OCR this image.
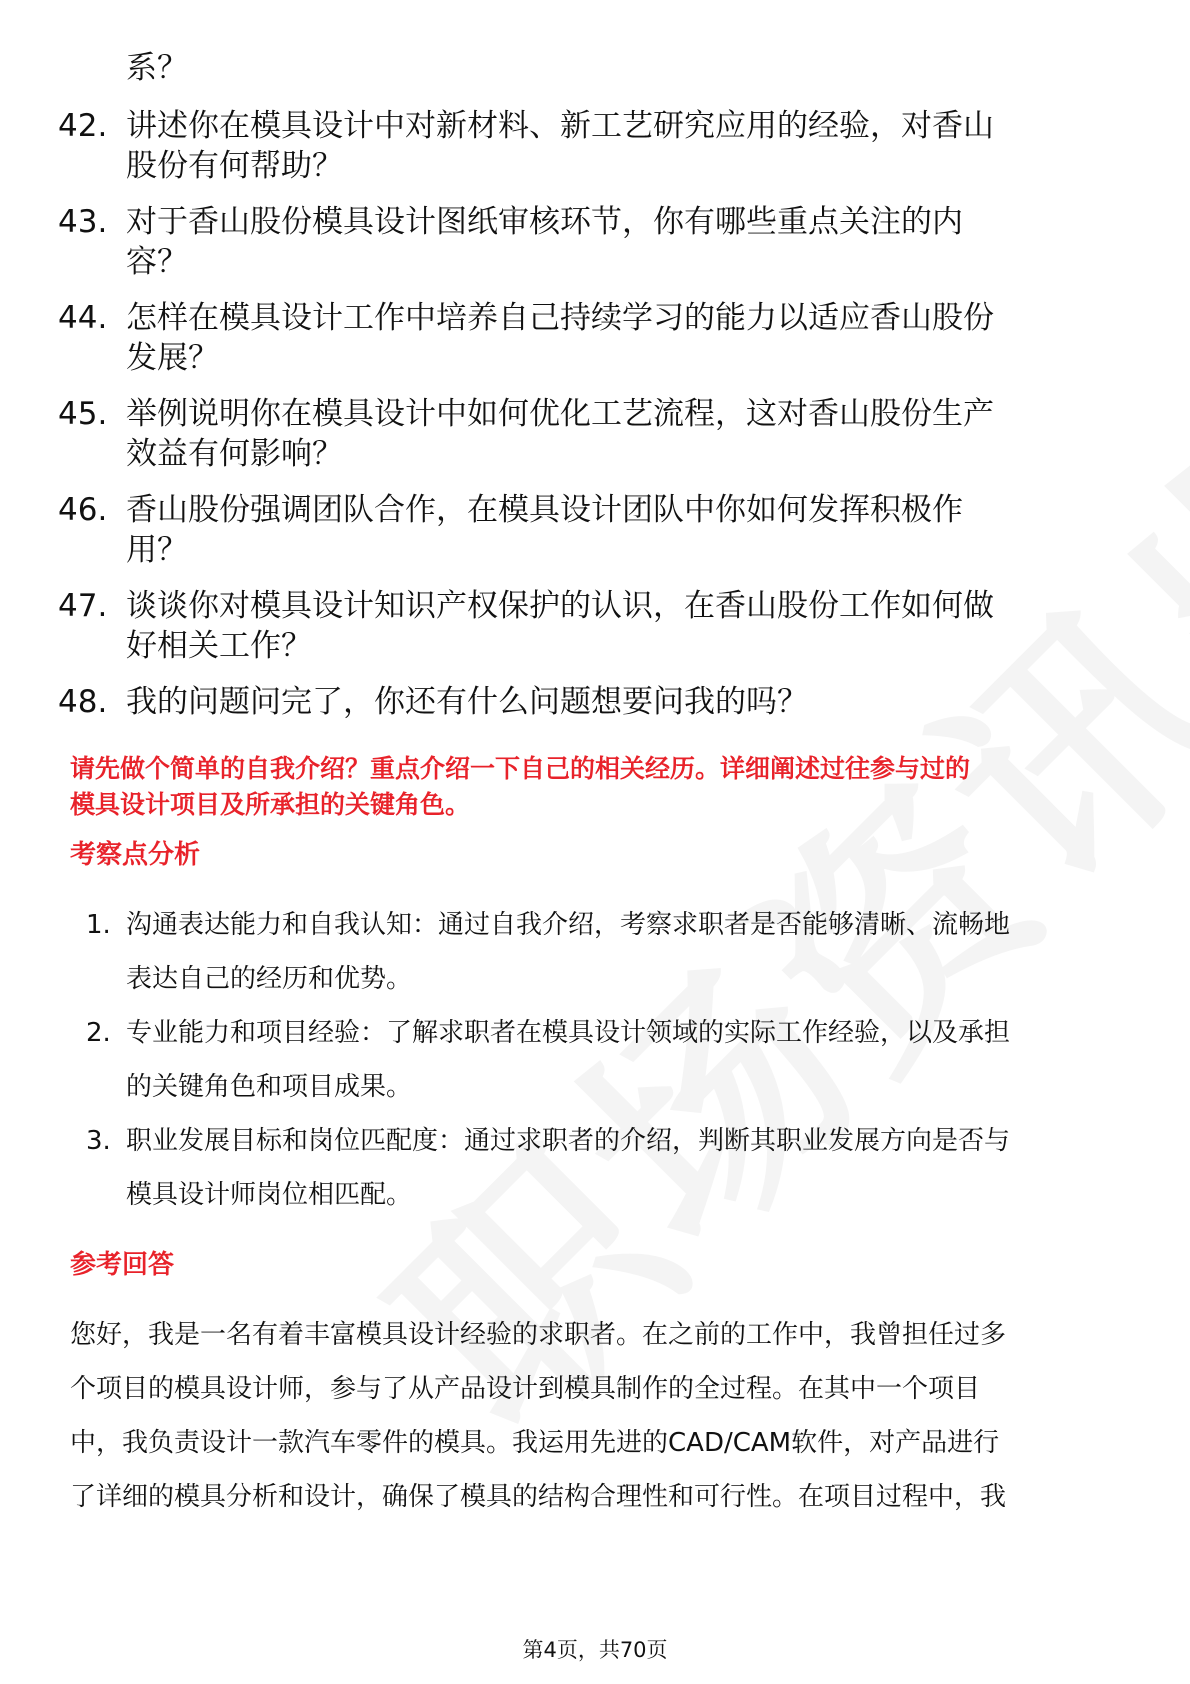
系？
42. 讲述你在模具设计中对新材料、新工艺研究应用的经验，对香山
股份有何帮助？
43. 对于香山股份模具设计图纸审核环节，你有哪些重点关注的内
容？
44. 怎样在模具设计工作中培养自己持续学习的能力以适应香山股份
发展？
45. 举例说明你在模具设计中如何优化工艺流程，这对香山股份生产
效益有何影响？
46. 香山股份强调团队合作，在模具设计团队中你如何发挥积极作
用？
47. 谈谈你对模具设计知识产权保护的认识，在香山股份工作如何做
好相关工作？
48. 我的问题问完了，你还有什么问题想要问我的吗？
请先做个简单的自我介绍？重点介绍一下自己的相关经历。详细阐述过往参与过的
模具设计项目及所承担的关键角色。
考察点分析
1. 沟通表达能力和自我认知：通过自我介绍，考察求职者是否能够清晰、流畅地
表达自己的经历和优势。
2. 专业能力和项目经验：了解求职者在模具设计领域的实际工作经验，以及承担
的关键角色和项目成果。
3. 职业发展目标和岗位匹配度：通过求职者的介绍，判断其职业发展方向是否与
模具设计师岗位相匹配。
参考回答
您好，我是一名有着丰富模具设计经验的求职者。在之前的工作中，我曾担任过多
个项目的模具设计师，参与了从产品设计到模具制作的全过程。在其中一个项目
中，我负责设计一款汽车零件的模具。我运用先进的CAD/CAM软件，对产品进行
了详细的模具分析和设计，确保了模具的结构合理性和可行性。在项目过程中，我
第4页，共70页
